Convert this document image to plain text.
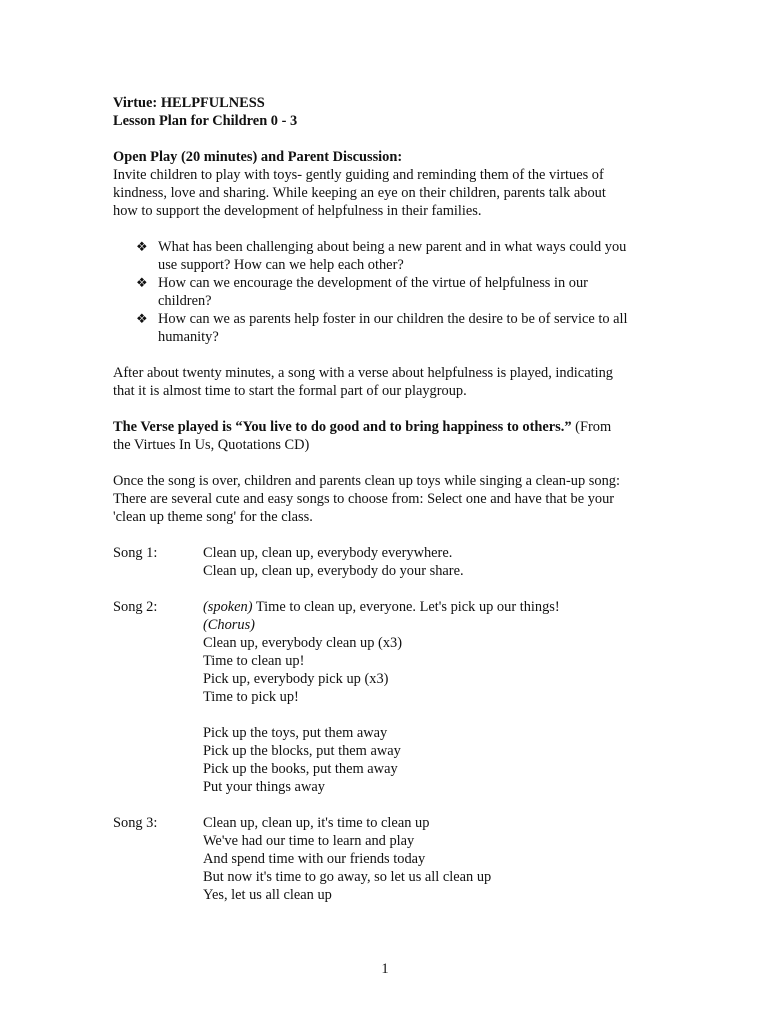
Virtue: HELPFULNESS

Lesson Plan for Children 0 - 3

Open Play (20 minutes) and Parent Discussion:

Invite children to play with toys- gently guiding and reminding them of the virtues of

kindness, love and sharing. While keeping an eye on their children, parents talk about

how to support the development of helpfulness in their families.

❖ What has been challenging about being a new parent and in what ways could you

use support? How can we help each other?

❖ How can we encourage the development of the virtue of helpfulness in our

children?

❖ How can we as parents help foster in our children the desire to be of service to all

humanity?

After about twenty minutes, a song with a verse about helpfulness is played, indicating

that it is almost time to start the formal part of our playgroup.

The Verse played is “You live to do good and to bring happiness to others.” (From

the Virtues In Us, Quotations CD)

Once the song is over, children and parents clean up toys while singing a clean-up song:

There are several cute and easy songs to choose from: Select one and have that be your

'clean up theme song' for the class.

Song 1:	Clean up, clean up, everybody everywhere.
Clean up, clean up, everybody do your share.
Song 2:	(spoken) Time to clean up, everyone. Let's pick up our things!
(Chorus)
Clean up, everybody clean up (x3)
Time to clean up!
Pick up, everybody pick up (x3)
Time to pick up!
Pick up the toys, put them away
Pick up the blocks, put them away
Pick up the books, put them away
Put your things away
Song 3:	Clean up, clean up, it's time to clean up
We've had our time to learn and play
And spend time with our friends today
But now it's time to go away, so let us all clean up
Yes, let us all clean up
1
